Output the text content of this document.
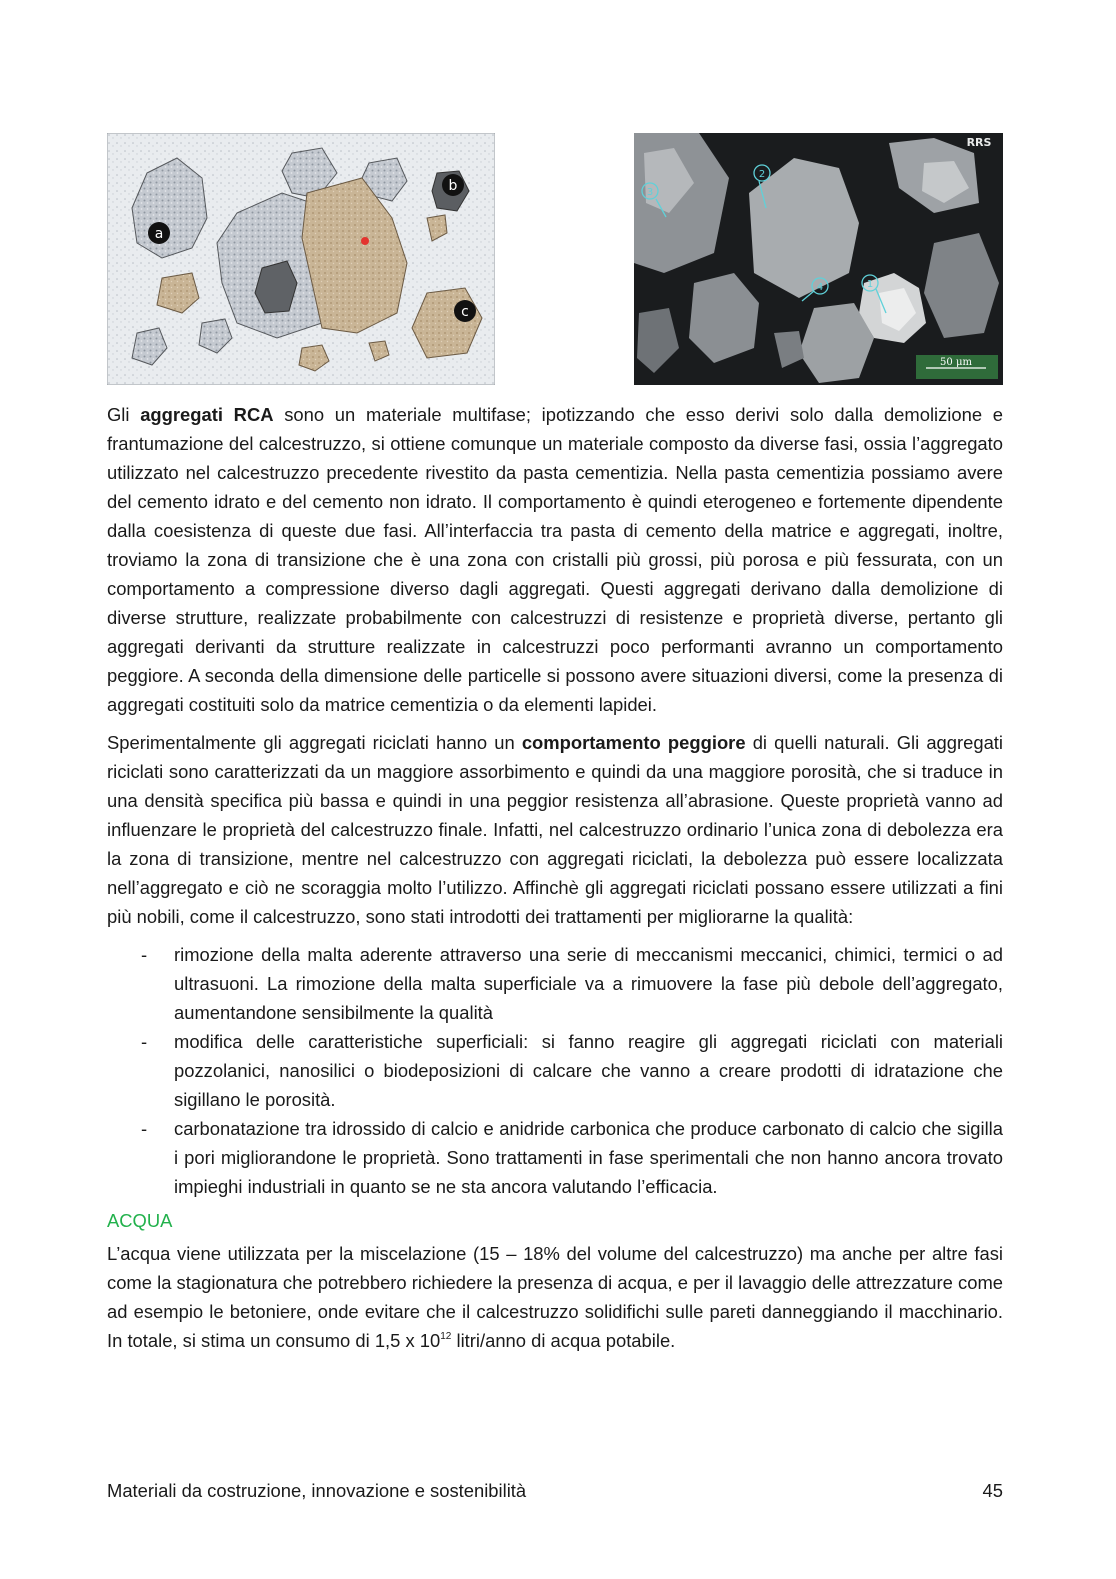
a
b
c
RRS
3
2
4	1
50 μm

Gli aggregati RCA sono un materiale multifase; ipotizzando che esso derivi solo dalla demolizione e frantumazione del calcestruzzo, si ottiene comunque un materiale composto da diverse fasi, ossia l’aggregato utilizzato nel calcestruzzo precedente rivestito da pasta cementizia. Nella pasta cementizia possiamo avere del cemento idrato e del cemento non idrato. Il comportamento è quindi eterogeneo e fortemente dipendente dalla coesistenza di queste due fasi. All’interfaccia tra pasta di cemento della matrice e aggregati, inoltre, troviamo la zona di transizione che è una zona con cristalli più grossi, più porosa e più fessurata, con un comportamento a compressione diverso dagli aggregati. Questi aggregati derivano dalla demolizione di diverse strutture, realizzate probabilmente con calcestruzzi di resistenze e proprietà diverse, pertanto gli aggregati derivanti da strutture realizzate in calcestruzzi poco performanti avranno un comportamento peggiore. A seconda della dimensione delle particelle si possono avere situazioni diversi, come la presenza di aggregati costituiti solo da matrice cementizia o da elementi lapidei.

Sperimentalmente gli aggregati riciclati hanno un comportamento peggiore di quelli naturali. Gli aggregati riciclati sono caratterizzati da un maggiore assorbimento e quindi da una maggiore porosità, che si traduce in una densità specifica più bassa e quindi in una peggior resistenza all’abrasione. Queste proprietà vanno ad influenzare le proprietà del calcestruzzo finale. Infatti, nel calcestruzzo ordinario l’unica zona di debolezza era la zona di transizione, mentre nel calcestruzzo con aggregati riciclati, la debolezza può essere localizzata nell’aggregato e ciò ne scoraggia molto l’utilizzo. Affinchè gli aggregati riciclati possano essere utilizzati a fini più nobili, come il calcestruzzo, sono stati introdotti dei trattamenti per migliorarne la qualità:

- rimozione della malta aderente attraverso una serie di meccanismi meccanici, chimici, termici o ad ultrasuoni. La rimozione della malta superficiale va a rimuovere la fase più debole dell’aggregato, aumentandone sensibilmente la qualità
- modifica delle caratteristiche superficiali: si fanno reagire gli aggregati riciclati con materiali pozzolanici, nanosilici o biodeposizioni di calcare che vanno a creare prodotti di idratazione che sigillano le porosità.
- carbonatazione tra idrossido di calcio e anidride carbonica che produce carbonato di calcio che sigilla i pori migliorandone le proprietà. Sono trattamenti in fase sperimentali che non hanno ancora trovato impieghi industriali in quanto se ne sta ancora valutando l’efficacia.
ACQUA

L’acqua viene utilizzata per la miscelazione (15 – 18% del volume del calcestruzzo) ma anche per altre fasi come la stagionatura che potrebbero richiedere la presenza di acqua, e per il lavaggio delle attrezzature come ad esempio le betoniere, onde evitare che il calcestruzzo solidifichi sulle pareti danneggiando il macchinario. In totale, si stima un consumo di 1,5 x $10^{12}$ litri/anno di acqua potabile.

Materiali da costruzione, innovazione e sostenibilità	45
